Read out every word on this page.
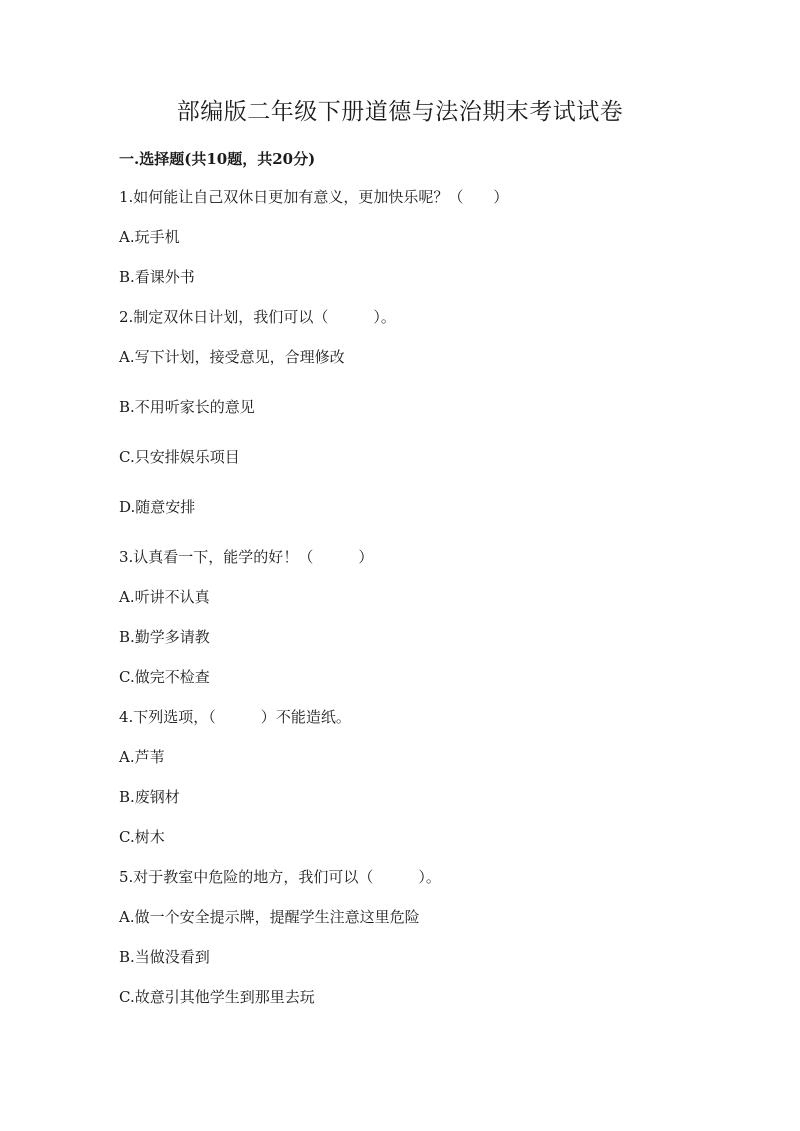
部编版二年级下册道德与法治期末考试试卷
一.选择题(共10题，共20分)

1.如何能让自己双休日更加有意义，更加快乐呢？（　　）

A.玩手机

B.看课外书

2.制定双休日计划，我们可以（　　　）。

A.写下计划，接受意见，合理修改

B.不用听家长的意见

C.只安排娱乐项目

D.随意安排

3.认真看一下，能学的好！（　　　）

A.听讲不认真

B.勤学多请教

C.做完不检查

4.下列选项，（　　　）不能造纸。

A.芦苇

B.废钢材

C.树木

5.对于教室中危险的地方，我们可以（　　　）。

A.做一个安全提示牌，提醒学生注意这里危险

B.当做没看到

C.故意引其他学生到那里去玩
